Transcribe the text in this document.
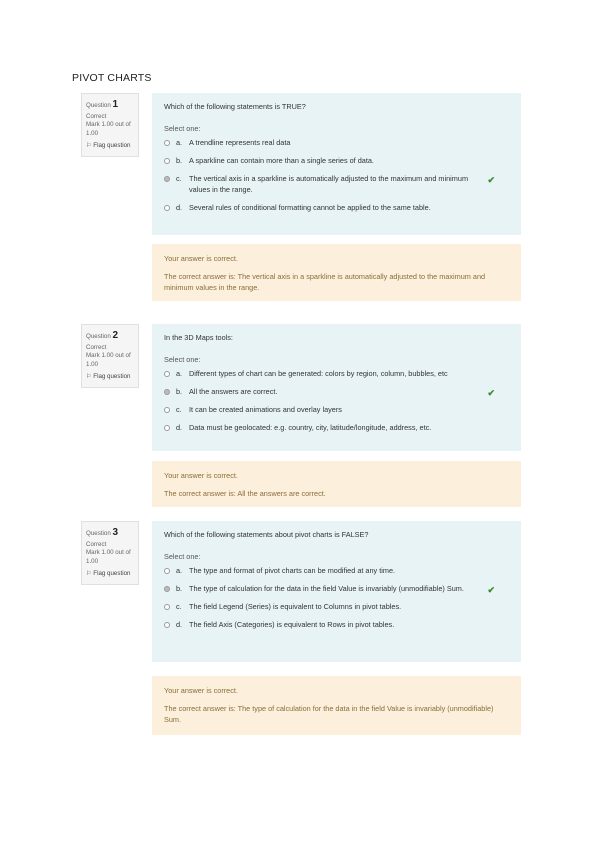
PIVOT CHARTS
Question 1
Correct
Mark 1.00 out of 1.00
⚐ Flag question
Which of the following statements is TRUE?
Select one:
a. A trendline represents real data
b. A sparkline can contain more than a single series of data.
c.	The vertical axis in a sparkline is automatically adjusted to the maximum and minimum values in the range.
✔
d. Several rules of conditional formatting cannot be applied to the same table.
Your answer is correct.
The correct answer is: The vertical axis in a sparkline is automatically adjusted to the maximum and minimum values in the range.
Question 2
Correct
Mark 1.00 out of 1.00
⚐ Flag question
In the 3D Maps tools:
Select one:
a. Different types of chart can be generated: colors by region, column, bubbles, etc
b. All the answers are correct.	✔
c.	It can be created animations and overlay layers
d. Data must be geolocated: e.g. country, city, latitude/longitude, address, etc.
Your answer is correct.
The correct answer is: All the answers are correct.
Question 3
Correct
Mark 1.00 out of 1.00
⚐ Flag question
Which of the following statements about pivot charts is FALSE?
Select one:
a. The type and format of pivot charts can be modified at any time.
b. The type of calculation for the data in the field Value is invariably (unmodifiable) Sum.	✔
c.	The field Legend (Series) is equivalent to Columns in pivot tables.
d. The field Axis (Categories) is equivalent to Rows in pivot tables.
Your answer is correct.
The correct answer is: The type of calculation for the data in the field Value is invariably (unmodifiable) Sum.
